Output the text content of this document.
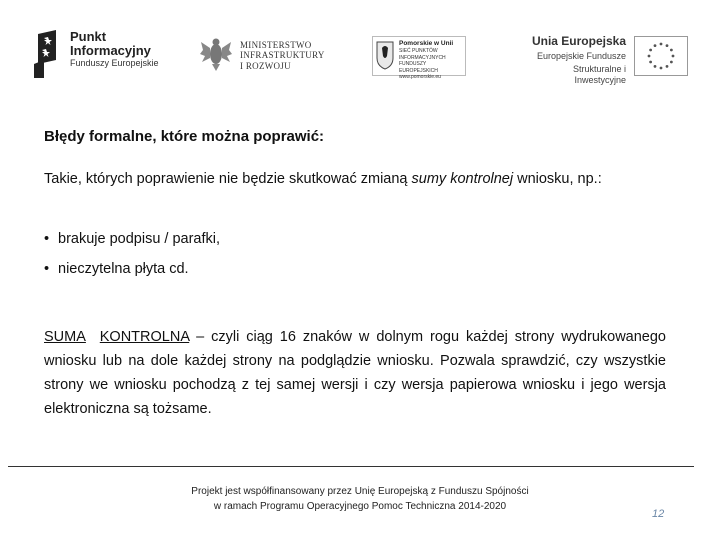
Punkt
Informacyjny
Funduszy Europejskie
MINISTERSTWO
INFRASTRUKTURY
I ROZWOJU
Pomorskie w Unii
SIEĆ PUNKTÓW INFORMACYJNYCH
FUNDUSZY EUROPEJSKICH
www.pomorskie.eu
Unia Europejska
Europejskie Fundusze
Strukturalne i Inwestycyjne
Błędy formalne, które można poprawić:

Takie, których poprawienie nie będzie skutkować zmianą sumy kontrolnej wniosku, np.:

• brakuje podpisu / parafki,
• nieczytelna płyta cd.

SUMA KONTROLNA – czyli ciąg 16 znaków w dolnym rogu każdej strony wydrukowanego wniosku lub na dole każdej strony na podglądzie wniosku. Pozwala sprawdzić, czy wszystkie strony we wniosku pochodzą z tej samej wersji i czy wersja papierowa wniosku i jego wersja elektroniczna są tożsame.

Projekt jest współfinansowany przez Unię Europejską z Funduszu Spójności
w ramach Programu Operacyjnego Pomoc Techniczna 2014-2020
12
